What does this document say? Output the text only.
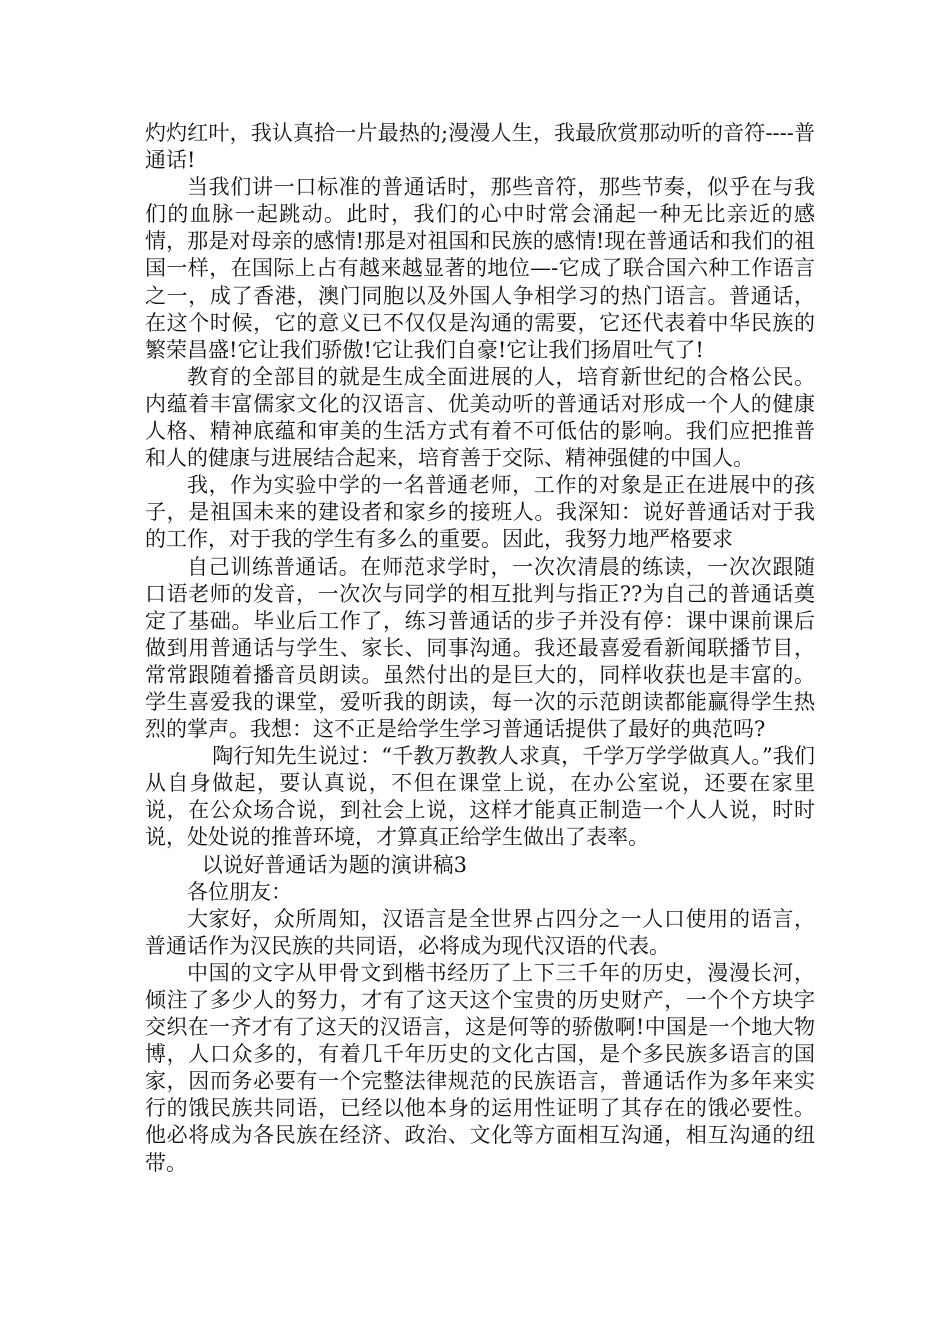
灼灼红叶，我认真拾一片最热的;漫漫人生，我最欣赏那动听的音符----普通话!

当我们讲一口标准的普通话时，那些音符，那些节奏，似乎在与我们的血脉一起跳动。此时，我们的心中时常会涌起一种无比亲近的感情，那是对母亲的感情!那是对祖国和民族的感情!现在普通话和我们的祖国一样，在国际上占有越来越显著的地位—-它成了联合国六种工作语言之一，成了香港，澳门同胞以及外国人争相学习的热门语言。普通话，在这个时候，它的意义已不仅仅是沟通的需要，它还代表着中华民族的繁荣昌盛!它让我们骄傲!它让我们自豪!它让我们扬眉吐气了!

教育的全部目的就是生成全面进展的人，培育新世纪的合格公民。内蕴着丰富儒家文化的汉语言、优美动听的普通话对形成一个人的健康人格、精神底蕴和审美的生活方式有着不可低估的影响。我们应把推普和人的健康与进展结合起来，培育善于交际、精神强健的中国人。

我，作为实验中学的一名普通老师，工作的对象是正在进展中的孩子，是祖国未来的建设者和家乡的接班人。我深知：说好普通话对于我的工作，对于我的学生有多么的重要。因此，我努力地严格要求

自己训练普通话。在师范求学时，一次次清晨的练读，一次次跟随口语老师的发音，一次次与同学的相互批判与指正??为自己的普通话奠定了基础。毕业后工作了，练习普通话的步子并没有停：课中课前课后做到用普通话与学生、家长、同事沟通。我还最喜爱看新闻联播节目，常常跟随着播音员朗读。虽然付出的是巨大的，同样收获也是丰富的。学生喜爱我的课堂，爱听我的朗读，每一次的示范朗读都能赢得学生热烈的掌声。我想：这不正是给学生学习普通话提供了最好的典范吗?

陶行知先生说过：“千教万教教人求真，千学万学学做真人。”我们从自身做起，要认真说，不但在课堂上说，在办公室说，还要在家里说，在公众场合说，到社会上说，这样才能真正制造一个人人说，时时说，处处说的推普环境，才算真正给学生做出了表率。

以说好普通话为题的演讲稿3

各位朋友：

大家好，众所周知，汉语言是全世界占四分之一人口使用的语言，普通话作为汉民族的共同语，必将成为现代汉语的代表。

中国的文字从甲骨文到楷书经历了上下三千年的历史，漫漫长河，倾注了多少人的努力，才有了这天这个宝贵的历史财产，一个个方块字交织在一齐才有了这天的汉语言，这是何等的骄傲啊!中国是一个地大物博，人口众多的，有着几千年历史的文化古国，是个多民族多语言的国家，因而务必要有一个完整法律规范的民族语言，普通话作为多年来实行的饿民族共同语，已经以他本身的运用性证明了其存在的饿必要性。他必将成为各民族在经济、政治、文化等方面相互沟通，相互沟通的纽带。
